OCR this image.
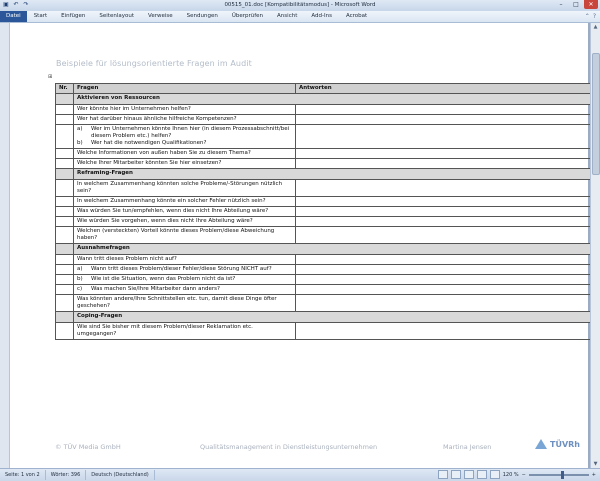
▣ ↶ ↷	00515_01.doc [Kompatibilitätsmodus] - Microsoft Word	–	□	✕
Datei	Start	Einfügen	Seitenlayout	Verweise	Sendungen	Überprüfen	Ansicht	Add-Ins	Acrobat	⌃ ?
Beispiele für lösungsorientierte Fragen im Audit
⊞
Nr.	Fragen	Antworten
	Aktivieren von Ressourcen	

	Wer könnte hier im Unternehmen helfen?	

	Wer hat darüber hinaus ähnliche hilfreiche Kompetenzen?	

	a) Wer im Unternehmen könnte Ihnen hier (in diesem Prozessabschnitt/bei diesem Problem etc.) helfen?
b) Wer hat die notwendigen Qualifikationen?	

	Welche Informationen von außen haben Sie zu diesem Thema?	

	Welche Ihrer Mitarbeiter könnten Sie hier einsetzen?	

	Reframing-Fragen	

	In welchem Zusammenhang könnten solche Probleme/-Störungen nützlich sein?	

	In welchem Zusammenhang könnte ein solcher Fehler nützlich sein?	

	Was würden Sie tun/empfehlen, wenn dies nicht Ihre Abteilung wäre?	

	Wie würden Sie vorgehen, wenn dies nicht Ihre Abteilung wäre?	

	Welchen (versteckten) Vorteil könnte dieses Problem/diese Abweichung haben?	

	Ausnahmefragen	

	Wann tritt dieses Problem nicht auf?	

	a) Wann tritt dieses Problem/dieser Fehler/diese Störung NICHT auf?	

	b) Wie ist die Situation, wenn das Problem nicht da ist?	

	c) Was machen Sie/Ihre Mitarbeiter dann anders?	

	Was könnten andere/Ihre Schnittstellen etc. tun, damit diese Dinge öfter geschehen?	

	Coping-Fragen	

	Wie sind Sie bisher mit diesem Problem/dieser Reklamation etc. umgegangen?	

© TÜV Media GmbH	Qualitätsmanagement in Dienstleistungsunternehmen	Martina Jensen	TÜVRh
▲
▼
Seite: 1 von 2	Wörter: 396	Deutsch (Deutschland)	120 % −	+
